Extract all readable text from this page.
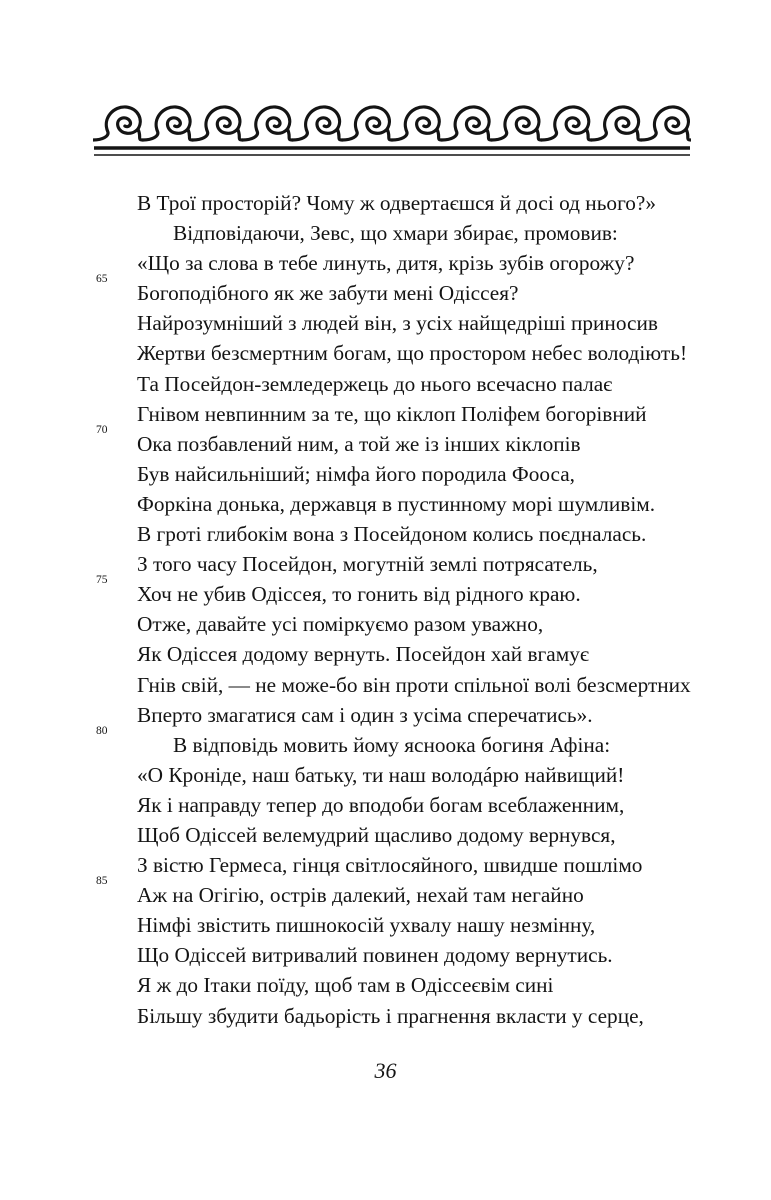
В Трої просторій? Чому ж одвертаєшся й досі од нього?»
Відповідаючи, Зевс, що хмари збирає, промовив:
«Що за слова в тебе линуть, дитя, крізь зубів огорожу?
65
Богоподібного як же забути мені Одіссея?
Найрозумніший з людей він, з усіх найщедріші приносив
Жертви безсмертним богам, що простором небес володіють!
Та Посейдон-земледержець до нього всечасно палає
Гнівом невпинним за те, що кіклоп Поліфем богорівний
70
Ока позбавлений ним, а той же із інших кіклопів
Був найсильніший; німфа його породила Фооса,
Форкіна донька, державця в пустинному морі шумливім.
В гроті глибокім вона з Посейдоном колись поєдналась.
З того часу Посейдон, могутній землі потрясатель,
75
Хоч не убив Одіссея, то гонить від рідного краю.
Отже, давайте усі поміркуємо разом уважно,
Як Одіссея додому вернуть. Посейдон хай вгамує
Гнів свій, — не може-бо він проти спільної волі безсмертних
Вперто змагатися сам і один з усіма сперечатись».
80
В відповідь мовить йому ясноока богиня Афіна:
«О Кроніде, наш батьку, ти наш володáрю найвищий!
Як і направду тепер до вподоби богам всеблаженним,
Щоб Одіссей велемудрий щасливо додому вернувся,
З вістю Гермеса, гінця світлосяйного, швидше пошлімо
85
Аж на Огігію, острів далекий, нехай там негайно
Німфі звістить пишнокосій ухвалу нашу незмінну,
Що Одіссей витривалий повинен додому вернутись.
Я ж до Ітаки поїду, щоб там в Одіссеєвім сині
Більшу збудити бадьорість і прагнення вкласти у серце,
36
